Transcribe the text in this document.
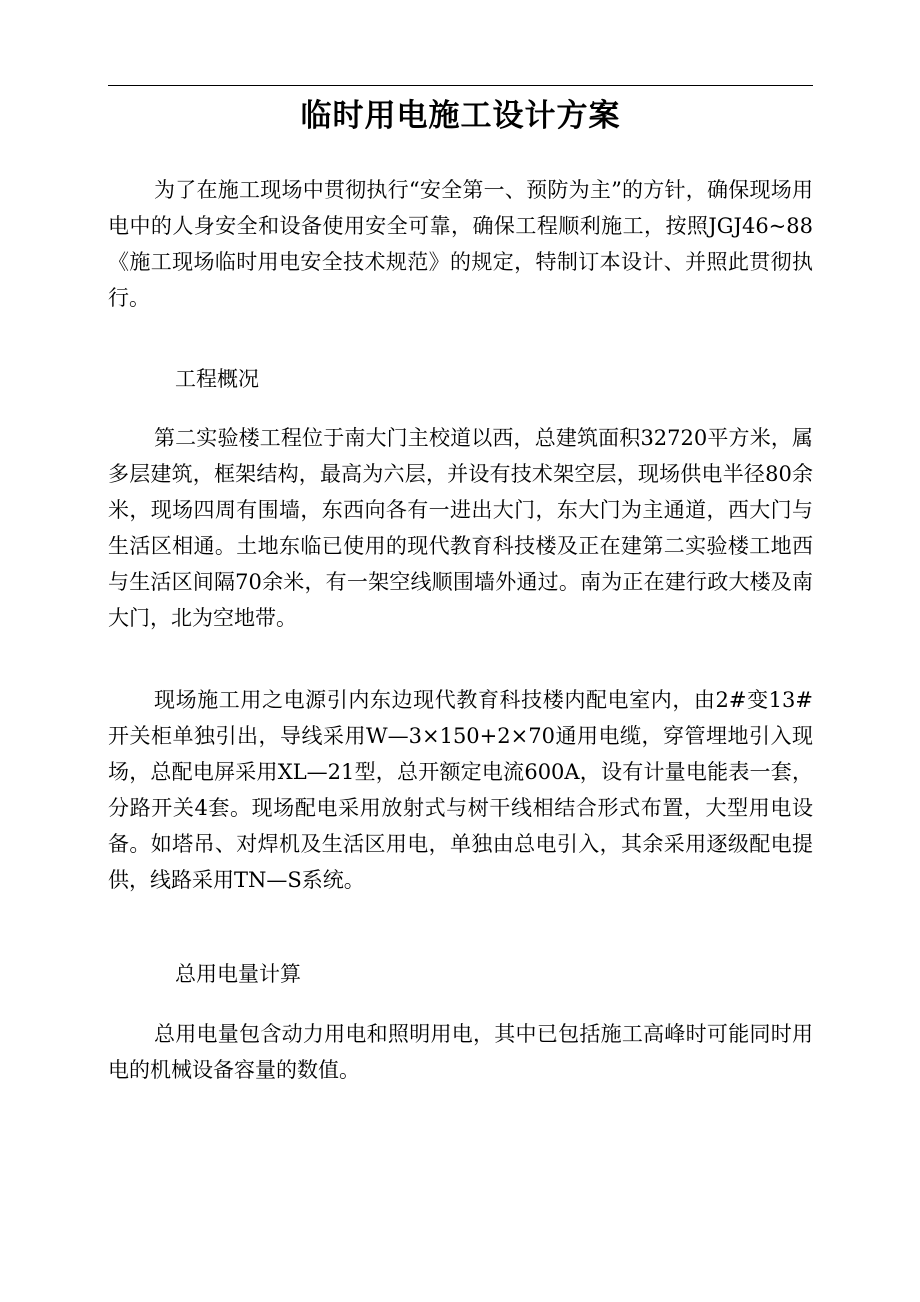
临时用电施工设计方案

为了在施工现场中贯彻执行“安全第一、预防为主”的方针，确保现场用电中的人身安全和设备使用安全可靠，确保工程顺利施工，按照JGJ46~88《施工现场临时用电安全技术规范》的规定，特制订本设计、并照此贯彻执行。

工程概况

第二实验楼工程位于南大门主校道以西，总建筑面积32720平方米，属多层建筑，框架结构，最高为六层，并设有技术架空层，现场供电半径80余米，现场四周有围墙，东西向各有一进出大门，东大门为主通道，西大门与生活区相通。土地东临已使用的现代教育科技楼及正在建第二实验楼工地西与生活区间隔70余米，有一架空线顺围墙外通过。南为正在建行政大楼及南大门，北为空地带。

现场施工用之电源引内东边现代教育科技楼内配电室内，由2#变13#开关柜单独引出，导线采用W—3×150+2×70通用电缆，穿管埋地引入现场，总配电屏采用XL—21型，总开额定电流600A，设有计量电能表一套，分路开关4套。现场配电采用放射式与树干线相结合形式布置，大型用电设备。如塔吊、对焊机及生活区用电，单独由总电引入，其余采用逐级配电提供，线路采用TN—S系统。

总用电量计算

总用电量包含动力用电和照明用电，其中已包括施工高峰时可能同时用电的机械设备容量的数值。
